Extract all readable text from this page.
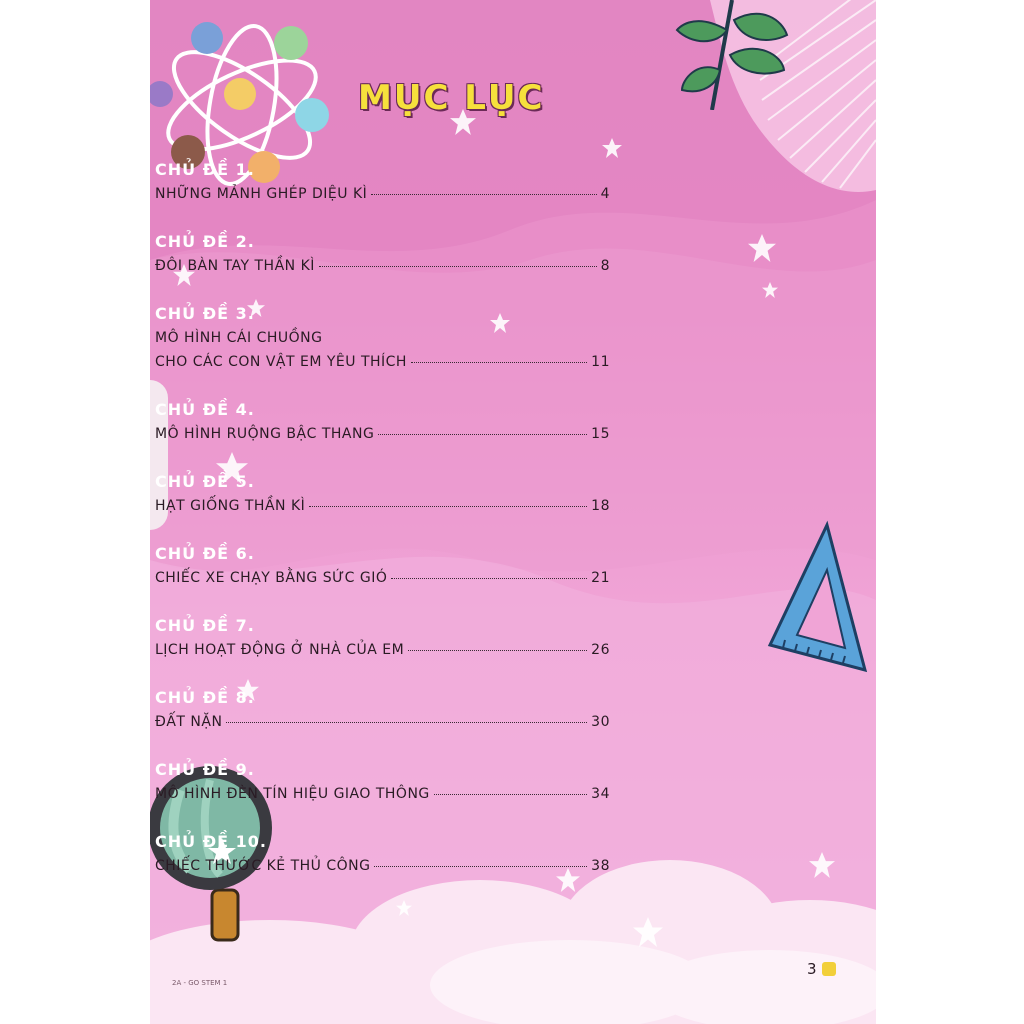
MỤC LỤC
CHỦ ĐỀ 1.
NHỮNG MẢNH GHÉP DIỆU KÌ	4
CHỦ ĐỀ 2.
ĐÔI BÀN TAY THẦN KÌ	8
CHỦ ĐỀ 3.
MÔ HÌNH CÁI CHUỒNG
CHO CÁC CON VẬT EM YÊU THÍCH	11
CHỦ ĐỀ 4.
MÔ HÌNH RUỘNG BẬC THANG	15
CHỦ ĐỀ 5.
HẠT GIỐNG THẦN KÌ	18
CHỦ ĐỀ 6.
CHIẾC XE CHẠY BẰNG SỨC GIÓ	21
CHỦ ĐỀ 7.
LỊCH HOẠT ĐỘNG Ở NHÀ CỦA EM	26
CHỦ ĐỀ 8.
ĐẤT NẶN	30
CHỦ ĐỀ 9.
MÔ HÌNH ĐÈN TÍN HIỆU GIAO THÔNG	34
CHỦ ĐỀ 10.
CHIẾC THƯỚC KẺ THỦ CÔNG	38
2A - GO STEM 1
3
